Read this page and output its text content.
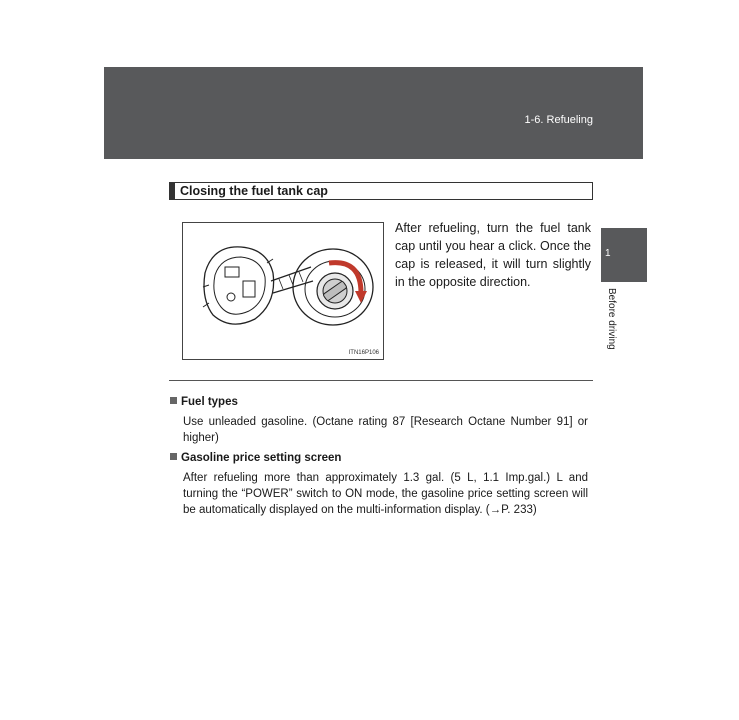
1-6. Refueling
Closing the fuel tank cap
ITN16P106
After refueling, turn the fuel tank cap until you hear a click. Once the cap is released, it will turn slightly in the opposite direction.
1
Before driving
Fuel types
Use unleaded gasoline. (Octane rating 87 [Research Octane Number 91] or higher)
Gasoline price setting screen
After refueling more than approximately 1.3 gal. (5 L, 1.1 Imp.gal.) L and turning the “POWER” switch to ON mode, the gasoline price setting screen will be automatically displayed on the multi-information display. (→P. 233)
